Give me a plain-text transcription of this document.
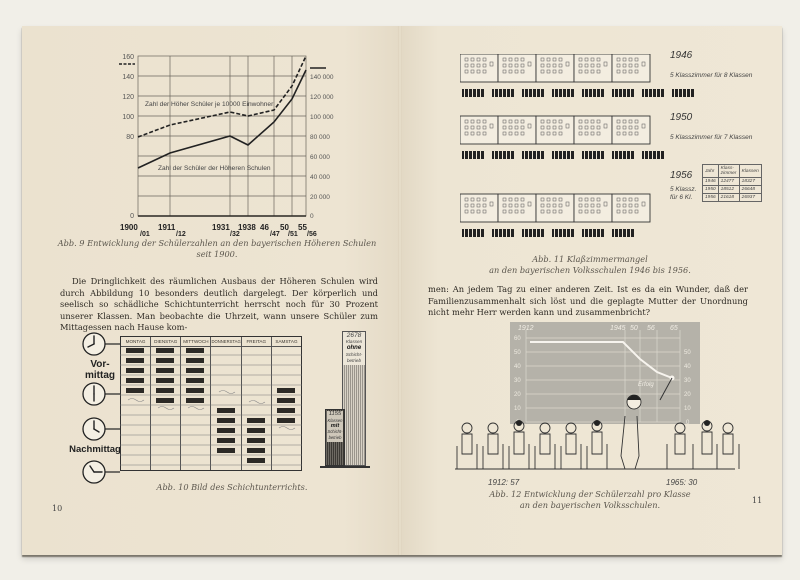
160
140
120
100
80
0
140 000
120 000
100 000
80 000
60 000
40 000
20 000
0
Zahl der Höher Schüler je 10000 Einwohner
Zahl der Schüler der Höheren Schulen
1900
/01
1911
/12
1931
/32
1938 46
/47
50
/51
55
/56
Abb. 9 Entwicklung der Schülerzahlen an den bayerischen Höheren Schulen
seit 1900.
Die Dringlichkeit des räumlichen Ausbaus der Höheren Schulen wird durch Abbildung 10 besonders deutlich dargelegt. Der körperlich und seelisch so schädliche Schichtunterricht herrscht noch für 30 Prozent unserer Klassen. Man beobachte die Uhrzeit, wann unsere Schüler zum Mittagessen nach Hause kom-
Vor-
mittag
Nachmittag
MONTAG	DIENSTAG	MITTWOCH DONNERSTAG	FREITAG	SAMSTAG
2678
Klassen
ohne
Schicht-
betrieb
1155
Klassen
mit
Schicht-
betrieb
Abb. 10 Bild des Schichtunterrichts.
10
1946
5 Klasszimmer für 8 Klassen
1950
5 Klasszimmer für 7 Klassen
1956
5 Klassz.
für 6 Kl.
Jahr	Klass-zimmer	Klassen
1946	12477	18327
1950	18512	26648
1956	21618	26937
Abb. 11 Klaßzimmermangel
an den bayerischen Volksschulen 1946 bis 1956.
men: An jedem Tag zu einer anderen Zeit. Ist es da ein Wunder, daß der Familienzusammenhalt sich löst und die geplagte Mutter der Unordnung nicht mehr Herr werden kann und zusammenbricht?
1912	1945 50 56 65
Erfolg
60
50
40
30
20
10
50
40
30
20
10
0
1912: 57	1965: 30
Abb. 12 Entwicklung der Schülerzahl pro Klasse
an den bayerischen Volksschulen.	11
